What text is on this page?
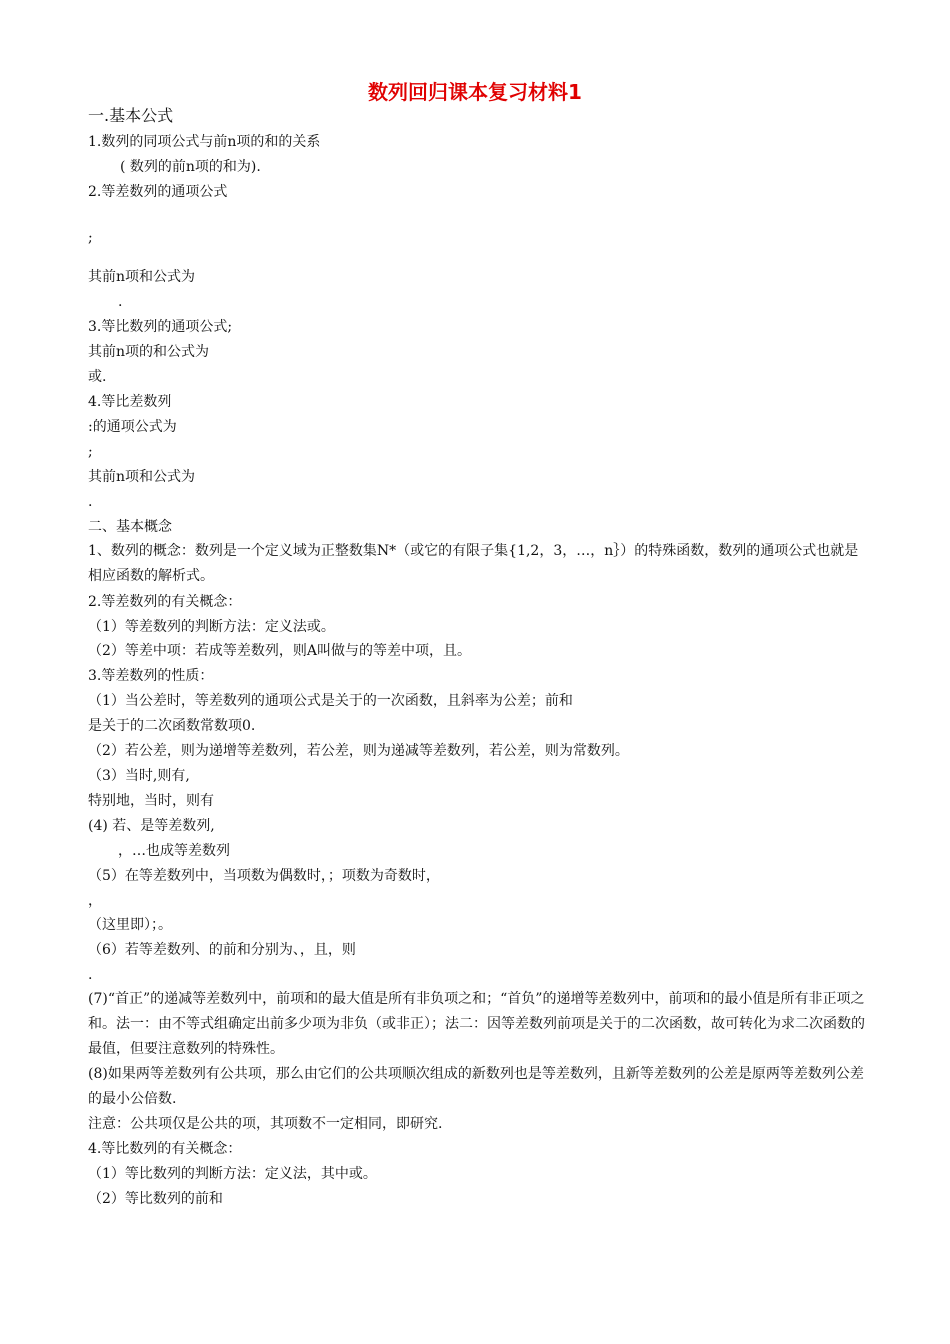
数列回归课本复习材料1
一.基本公式
1.数列的同项公式与前n项的和的关系
( 数列的前n项的和为).
2.等差数列的通项公式
;
其前n项和公式为
.
3.等比数列的通项公式;
其前n项的和公式为
或.
4.等比差数列
:的通项公式为
;
其前n项和公式为
.
二、基本概念
1、数列的概念：数列是一个定义域为正整数集N*（或它的有限子集{1,2，3，…，n｝）的特殊函数，数列的通项公式也就是相应函数的解析式。
2.等差数列的有关概念：
（1）等差数列的判断方法：定义法或。
（2）等差中项：若成等差数列，则A叫做与的等差中项，且。
3.等差数列的性质：
（1）当公差时，等差数列的通项公式是关于的一次函数，且斜率为公差；前和
是关于的二次函数常数项0.
（2）若公差，则为递增等差数列，若公差，则为递减等差数列，若公差，则为常数列。
（3）当时,则有,
特别地，当时，则有
(4) 若、是等差数列,
，…也成等差数列
（5）在等差数列中，当项数为偶数时，；项数为奇数时，
，
（这里即）；。
（6）若等差数列、的前和分别为、，且，则
.
(7)“首正”的递减等差数列中，前项和的最大值是所有非负项之和；“首负”的递增等差数列中，前项和的最小值是所有非正项之和。法一：由不等式组确定出前多少项为非负（或非正）；法二：因等差数列前项是关于的二次函数，故可转化为求二次函数的最值，但要注意数列的特殊性。
(8)如果两等差数列有公共项，那么由它们的公共项顺次组成的新数列也是等差数列，且新等差数列的公差是原两等差数列公差的最小公倍数.
注意：公共项仅是公共的项，其项数不一定相同，即研究.
4.等比数列的有关概念：
（1）等比数列的判断方法：定义法，其中或。
（2）等比数列的前和
